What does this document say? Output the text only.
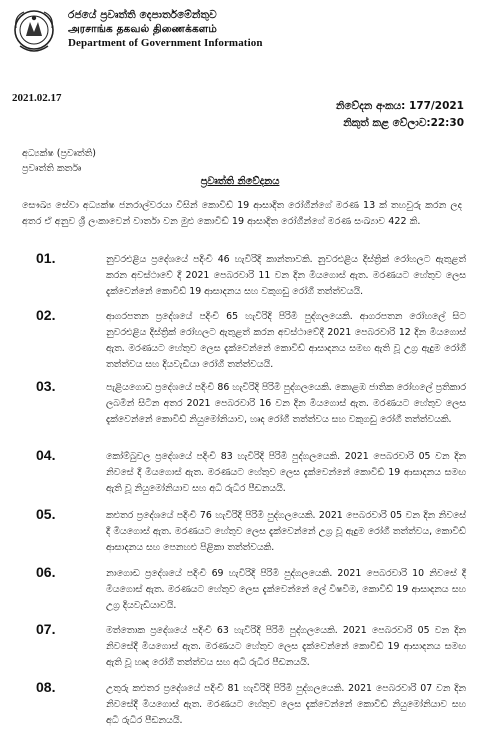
රජයේ ප්‍රවෘත්ති දෙපාර්තමේන්තුව
அரசாங்க தகவல் திணைக்களம்
Department of Government Information
2021.02.17
නිවේදන අංකය: 177/2021
නිකුත් කළ වේලාව:22:30
අධ්‍යක්ෂ (ප්‍රවෘත්ති)
ප්‍රවෘත්ති කර්තෘ
ප්‍රවෘත්ති නිවේදනය
සෞඛ්‍ය සේවා අධ්‍යක්ෂ ජනරාල්වරයා විසින් කොවිඩ් 19 ආසාදිත රෝගීන්ගේ මරණ 13 ක් තහවුරු කරන ලද අතර ඒ අනුව ශ්‍රී ලංකාවෙන් වාර්තා වන මුළු කොවිඩ් 19 ආසාදිත රෝගීන්ගේ මරණ සංඛ්‍යාව 422 කි.
01.	නුවරඑළිය ප්‍රදේශයේ පදිංචි 46 හැවිරිදි කාන්තාවකි. නුවරඑළිය දිස්ත්‍රික් රෝහලට ඇතුළත් කරන අවස්ථාවේ දී 2021 පෙබරවාරි 11 වන දින මියගොස් ඇත. මරණයට හේතුව ලෙස දැක්වෙන්නේ කොවිඩ් 19 ආසාදනය සහ වකුගඩු රෝගී තත්ත්වයයි.
02.	ආගරපතන ප්‍රදේශයේ පදිංචි 65 හැවිරිදි පිරිමි පුද්ගලයෙකි. ආගරපතන රෝහලේ සිට නුවරඑළිය දිස්ත්‍රික් රෝහලට ඇතුළත් කරන අවස්ථාවේදී 2021 පෙබරවාරි 12 දින මියගොස් ඇත. මරණයට හේතුව ලෙස දැක්වෙන්නේ කොවිඩ් ආසාදනය සමඟ ඇති වූ උග්‍ර ඇදුම රෝගී තත්ත්වය සහ දියවැඩියා රෝගී තත්ත්වයයි.
03.	පැළියගොඩ ප්‍රදේශයේ පදිංචි 86 හැවිරිදි පිරිමි පුද්ගලයෙකි. කොළඹ ජාතික රෝහලේ ප්‍රතිකාර ලබමින් සිටින අතර 2021 පෙබරවාරි 16 වන දින මියගොස් ඇත. මරණයට හේතුව ලෙස දැක්වෙන්නේ කොවිඩ් නියුමෝනියාව, හෘද රෝගී තත්ත්වය සහ වකුගඩු රෝගී තත්ත්වයකි.
04.	කෝම්බුවල ප්‍රදේශයේ පදිංචි 83 හැවිරිදි පිරිමි පුද්ගලයෙකි. 2021 පෙබරවාරි 05 වන දින නිවසේ දී මියගොස් ඇත. මරණයට හේතුව ලෙස දැක්වෙන්නේ කොවිඩ් 19 ආසාදනය සමඟ ඇති වූ නියුමෝනියාව සහ අධි රුධිර පීඩනයයි.
05.	කළුතර ප්‍රදේශයේ පදිංචි 76 හැවිරිදි පිරිමි පුද්ගලයෙකි. 2021 පෙබරවාරි 05 වන දින නිවසේ දී මියගොස් ඇත. මරණයට හේතුව ලෙස දැක්වෙන්නේ උග්‍ර වූ ඇදුම රෝගී තත්ත්වය, කොවිඩ් ආසාදනය සහ පෙනහළු පිළිකා තත්ත්වයකි.
06.	නාගොඩ ප්‍රදේශයේ පදිංචි 69 හැවිරිදි පිරිමි පුද්ගලයෙකි. 2021 පෙබරවාරි 10 නිවසේ දී මියගොස් ඇත. මරණයට හේතුව ලෙස දැක්වෙන්නේ ලේ විෂවීම, කොවිඩ් 19 ආසාදනය සහ උග්‍ර දියවැඩියාවයි.
07.	මත්තොක ප්‍රදේශයේ පදිංචි 63 හැවිරිදි පිරිමි පුද්ගලයෙකි. 2021 පෙබරවාරි 05 වන දින නිවසේදී මියගොස් ඇත. මරණයට හේතුව ලෙස දැක්වෙන්නේ කොවිඩ් 19 ආසාදනය සමඟ ඇති වූ හෘද රෝගී තත්ත්වය සහ අධි රුධිර පීඩනයයි.
08.	උතුරු කළුතර ප්‍රදේශයේ පදිංචි 81 හැවිරිදි පිරිමි පුද්ගලයෙකි. 2021 පෙබරවාරි 07 වන දින නිවසේදී මියගොස් ඇත. මරණයට හේතුව ලෙස දැක්වෙන්නේ කොවිඩ් නියුමෝනියාව සහ අධි රුධිර පීඩනයයි.
